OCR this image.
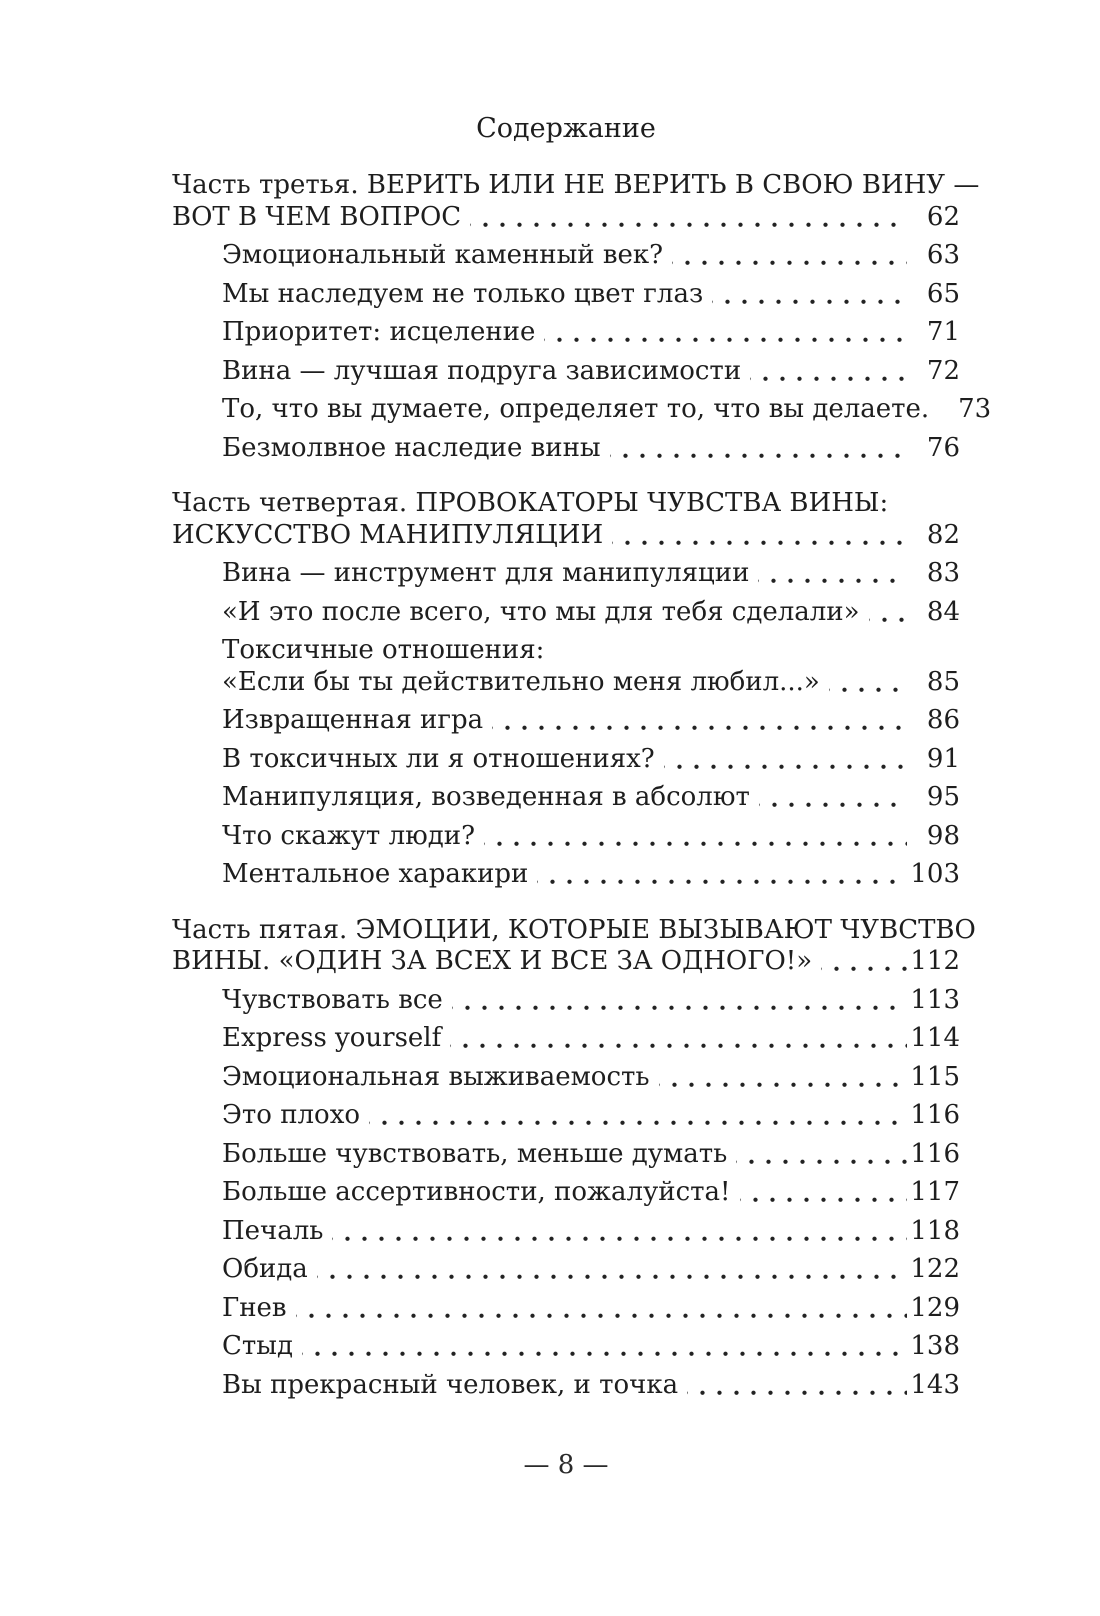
Содержание
Часть третья. ВЕРИТЬ ИЛИ НЕ ВЕРИТЬ В СВОЮ ВИНУ —
ВОТ В ЧЕМ ВОПРОС	62
Эмоциональный каменный век?	63
Мы наследуем не только цвет глаз	65
Приоритет: исцеление	71
Вина — лучшая подруга зависимости	72
То, что вы думаете, определяет то, что вы делаете.	73
Безмолвное наследие вины	76
Часть четвертая. ПРОВОКАТОРЫ ЧУВСТВА ВИНЫ:
ИСКУССТВО МАНИПУЛЯЦИИ	82
Вина — инструмент для манипуляции	83
«И это после всего, что мы для тебя сделали»	84
Токсичные отношения:
«Если бы ты действительно меня любил...»	85
Извращенная игра	86
В токсичных ли я отношениях?	91
Манипуляция, возведенная в абсолют	95
Что скажут люди?	98
Ментальное харакири	103
Часть пятая. ЭМОЦИИ, КОТОРЫЕ ВЫЗЫВАЮТ ЧУВСТВО
ВИНЫ. «ОДИН ЗА ВСЕХ И ВСЕ ЗА ОДНОГО!»	112
Чувствовать все	113
Express yourself	114
Эмоциональная выживаемость	115
Это плохо	116
Больше чувствовать, меньше думать	116
Больше ассертивности, пожалуйста!	117
Печаль	118
Обида	122
Гнев	129
Стыд	138
Вы прекрасный человек, и точка	143
— 8 —
